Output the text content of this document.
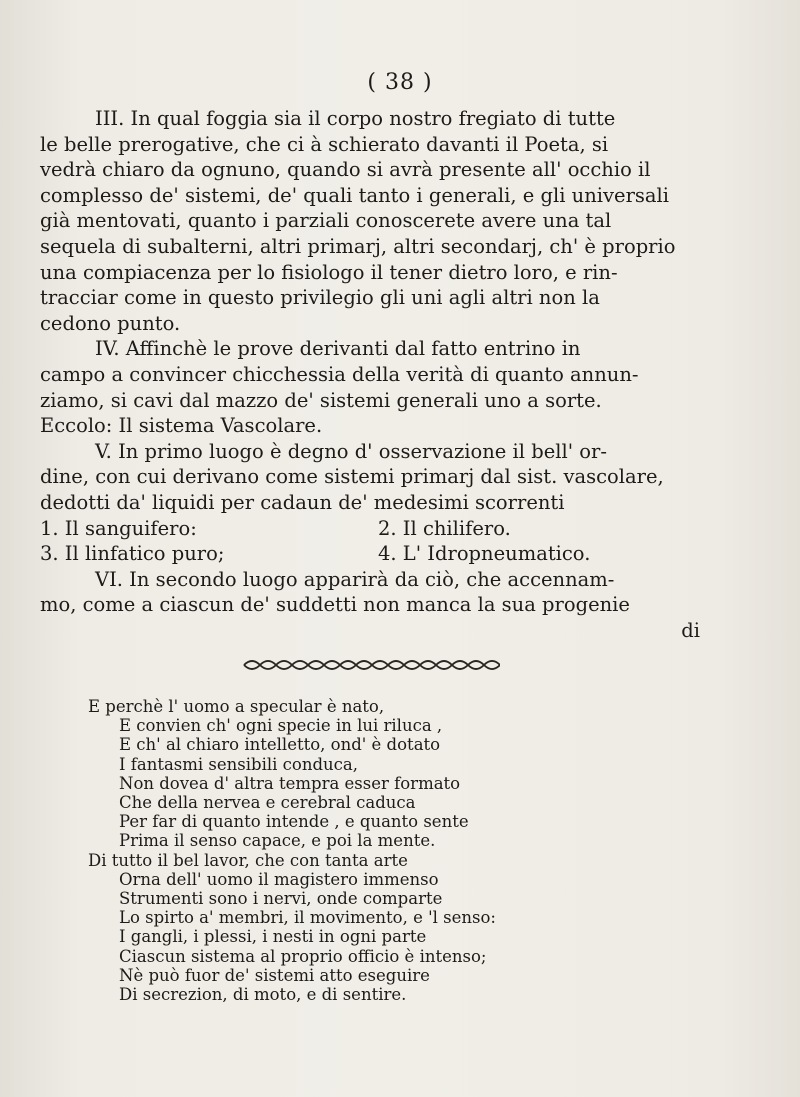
( 38 )
III. In qual foggia sia il corpo nostro fregiato di tutte
le belle prerogative, che ci à schierato davanti il Poeta, si
vedrà chiaro da ognuno, quando si avrà presente all' occhio il
complesso de' sistemi, de' quali tanto i generali, e gli universali
già mentovati, quanto i parziali conoscerete avere una tal
sequela di subalterni, altri primarj, altri secondarj, ch' è proprio
una compiacenza per lo fisiologo il tener dietro loro, e rin-
tracciar come in questo privilegio gli uni agli altri non la
cedono punto.
IV. Affinchè le prove derivanti dal fatto entrino in
campo a convincer chicchessia della verità di quanto annun-
ziamo, si cavi dal mazzo de' sistemi generali uno a sorte.
Eccolo: Il sistema Vascolare.
V. In primo luogo è degno d' osservazione il bell' or-
dine, con cui derivano come sistemi primarj dal sist. vascolare,
dedotti da' liquidi per cadaun de' medesimi scorrenti
1. Il sanguifero:	2. Il chilifero.
3. Il linfatico puro;	4. L' Idropneumatico.
VI. In secondo luogo apparirà da ciò, che accennam-
mo, come a ciascun de' suddetti non manca la sua progenie
di
E perchè l' uomo a specular è nato,
E convien ch' ogni specie in lui riluca ,
E ch' al chiaro intelletto, ond' è dotato
I fantasmi sensibili conduca,
Non dovea d' altra tempra esser formato
Che della nervea e cerebral caduca
Per far di quanto intende , e quanto sente
Prima il senso capace, e poi la mente.
Di tutto il bel lavor, che con tanta arte
Orna dell' uomo il magistero immenso
Strumenti sono i nervi, onde comparte
Lo spirto a' membri, il movimento, e 'l senso:
I gangli, i plessi, i nesti in ogni parte
Ciascun sistema al proprio officio è intenso;
Nè può fuor de' sistemi atto eseguire
Di secrezion, di moto, e di sentire.
